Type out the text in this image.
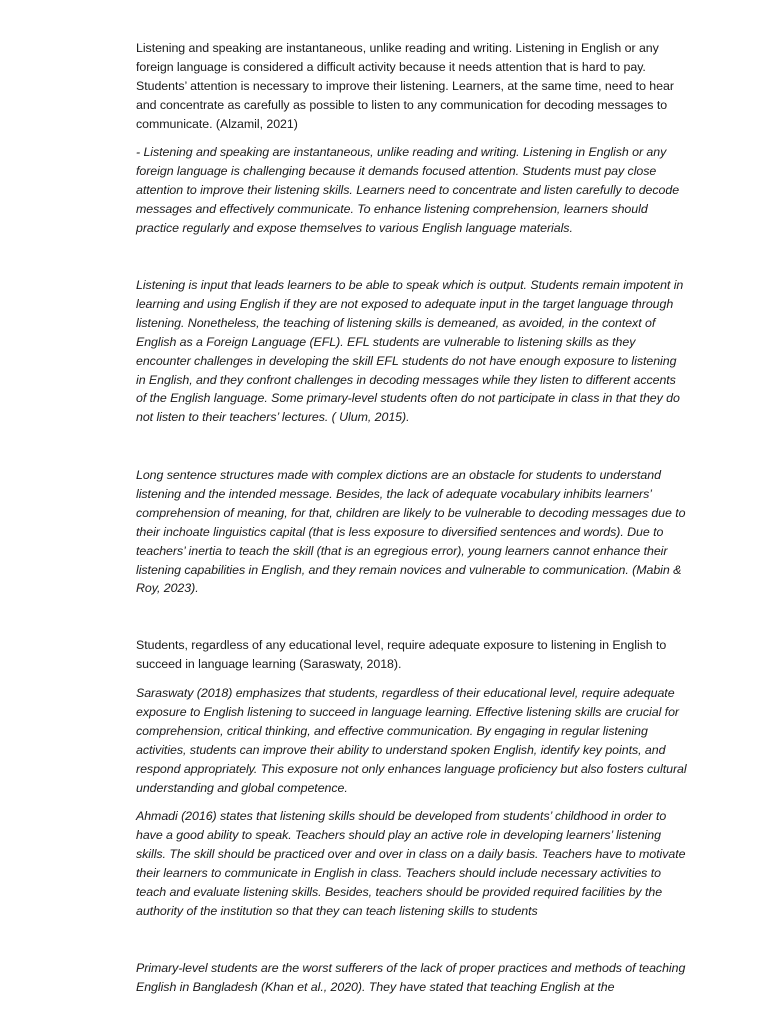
Listening and speaking are instantaneous, unlike reading and writing. Listening in English or any foreign language is considered a difficult activity because it needs attention that is hard to pay. Students’ attention is necessary to improve their listening. Learners, at the same time, need to hear and concentrate as carefully as possible to listen to any communication for decoding messages to communicate. (Alzamil, 2021)

- Listening and speaking are instantaneous, unlike reading and writing. Listening in English or any foreign language is challenging because it demands focused attention. Students must pay close attention to improve their listening skills. Learners need to concentrate and listen carefully to decode messages and effectively communicate. To enhance listening comprehension, learners should practice regularly and expose themselves to various English language materials.

Listening is input that leads learners to be able to speak which is output. Students remain impotent in learning and using English if they are not exposed to adequate input in the target language through listening. Nonetheless, the teaching of listening skills is demeaned, as avoided, in the context of English as a Foreign Language (EFL). EFL students are vulnerable to listening skills as they encounter challenges in developing the skill EFL students do not have enough exposure to listening in English, and they confront challenges in decoding messages while they listen to different accents of the English language. Some primary-level students often do not participate in class in that they do not listen to their teachers’ lectures. ( Ulum, 2015).

Long sentence structures made with complex dictions are an obstacle for students to understand listening and the intended message. Besides, the lack of adequate vocabulary inhibits learners’ comprehension of meaning, for that, children are likely to be vulnerable to decoding messages due to their inchoate linguistics capital (that is less exposure to diversified sentences and words). Due to teachers’ inertia to teach the skill (that is an egregious error), young learners cannot enhance their listening capabilities in English, and they remain novices and vulnerable to communication. (Mabin & Roy, 2023).

Students, regardless of any educational level, require adequate exposure to listening in English to succeed in language learning (Saraswaty, 2018).

Saraswaty (2018) emphasizes that students, regardless of their educational level, require adequate exposure to English listening to succeed in language learning. Effective listening skills are crucial for comprehension, critical thinking, and effective communication. By engaging in regular listening activities, students can improve their ability to understand spoken English, identify key points, and respond appropriately. This exposure not only enhances language proficiency but also fosters cultural understanding and global competence.

Ahmadi (2016) states that listening skills should be developed from students’ childhood in order to have a good ability to speak. Teachers should play an active role in developing learners’ listening skills. The skill should be practiced over and over in class on a daily basis. Teachers have to motivate their learners to communicate in English in class. Teachers should include necessary activities to teach and evaluate listening skills. Besides, teachers should be provided required facilities by the authority of the institution so that they can teach listening skills to students

Primary-level students are the worst sufferers of the lack of proper practices and methods of teaching English in Bangladesh (Khan et al., 2020). They have stated that teaching English at the
